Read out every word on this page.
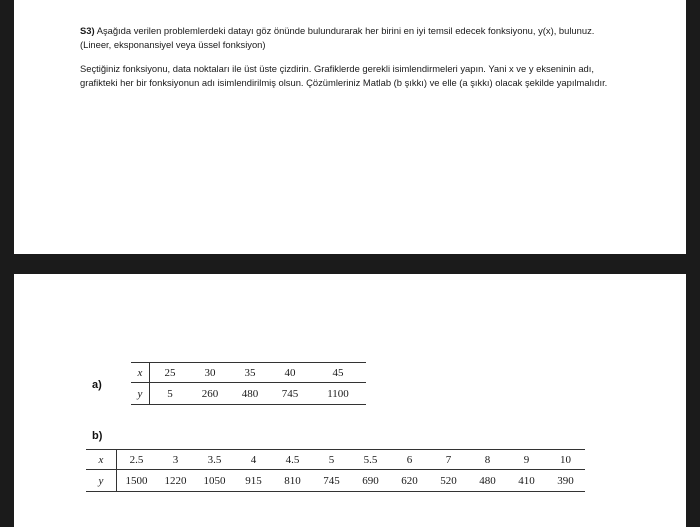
S3) Aşağıda verilen problemlerdeki datayı göz önünde bulundurarak her birini en iyi temsil edecek fonksiyonu, y(x), bulunuz. (Lineer, eksponansiyel veya üssel fonksiyon)

Seçtiğiniz fonksiyonu, data noktaları ile üst üste çizdirin. Grafiklerde gerekli isimlendirmeleri yapın. Yani x ve y ekseninin adı, grafikteki her bir fonksiyonun adı isimlendirilmiş olsun. Çözümleriniz Matlab (b şıkkı) ve elle (a şıkkı) olacak şekilde yapılmalıdır.

a)
x	25	30	35	40	45
y	5	260	480	745	1100
b)
x	2.5	3	3.5	4	4.5	5	5.5	6	7	8	9	10
y	1500	1220	1050	915	810	745	690	620	520	480	410	390
